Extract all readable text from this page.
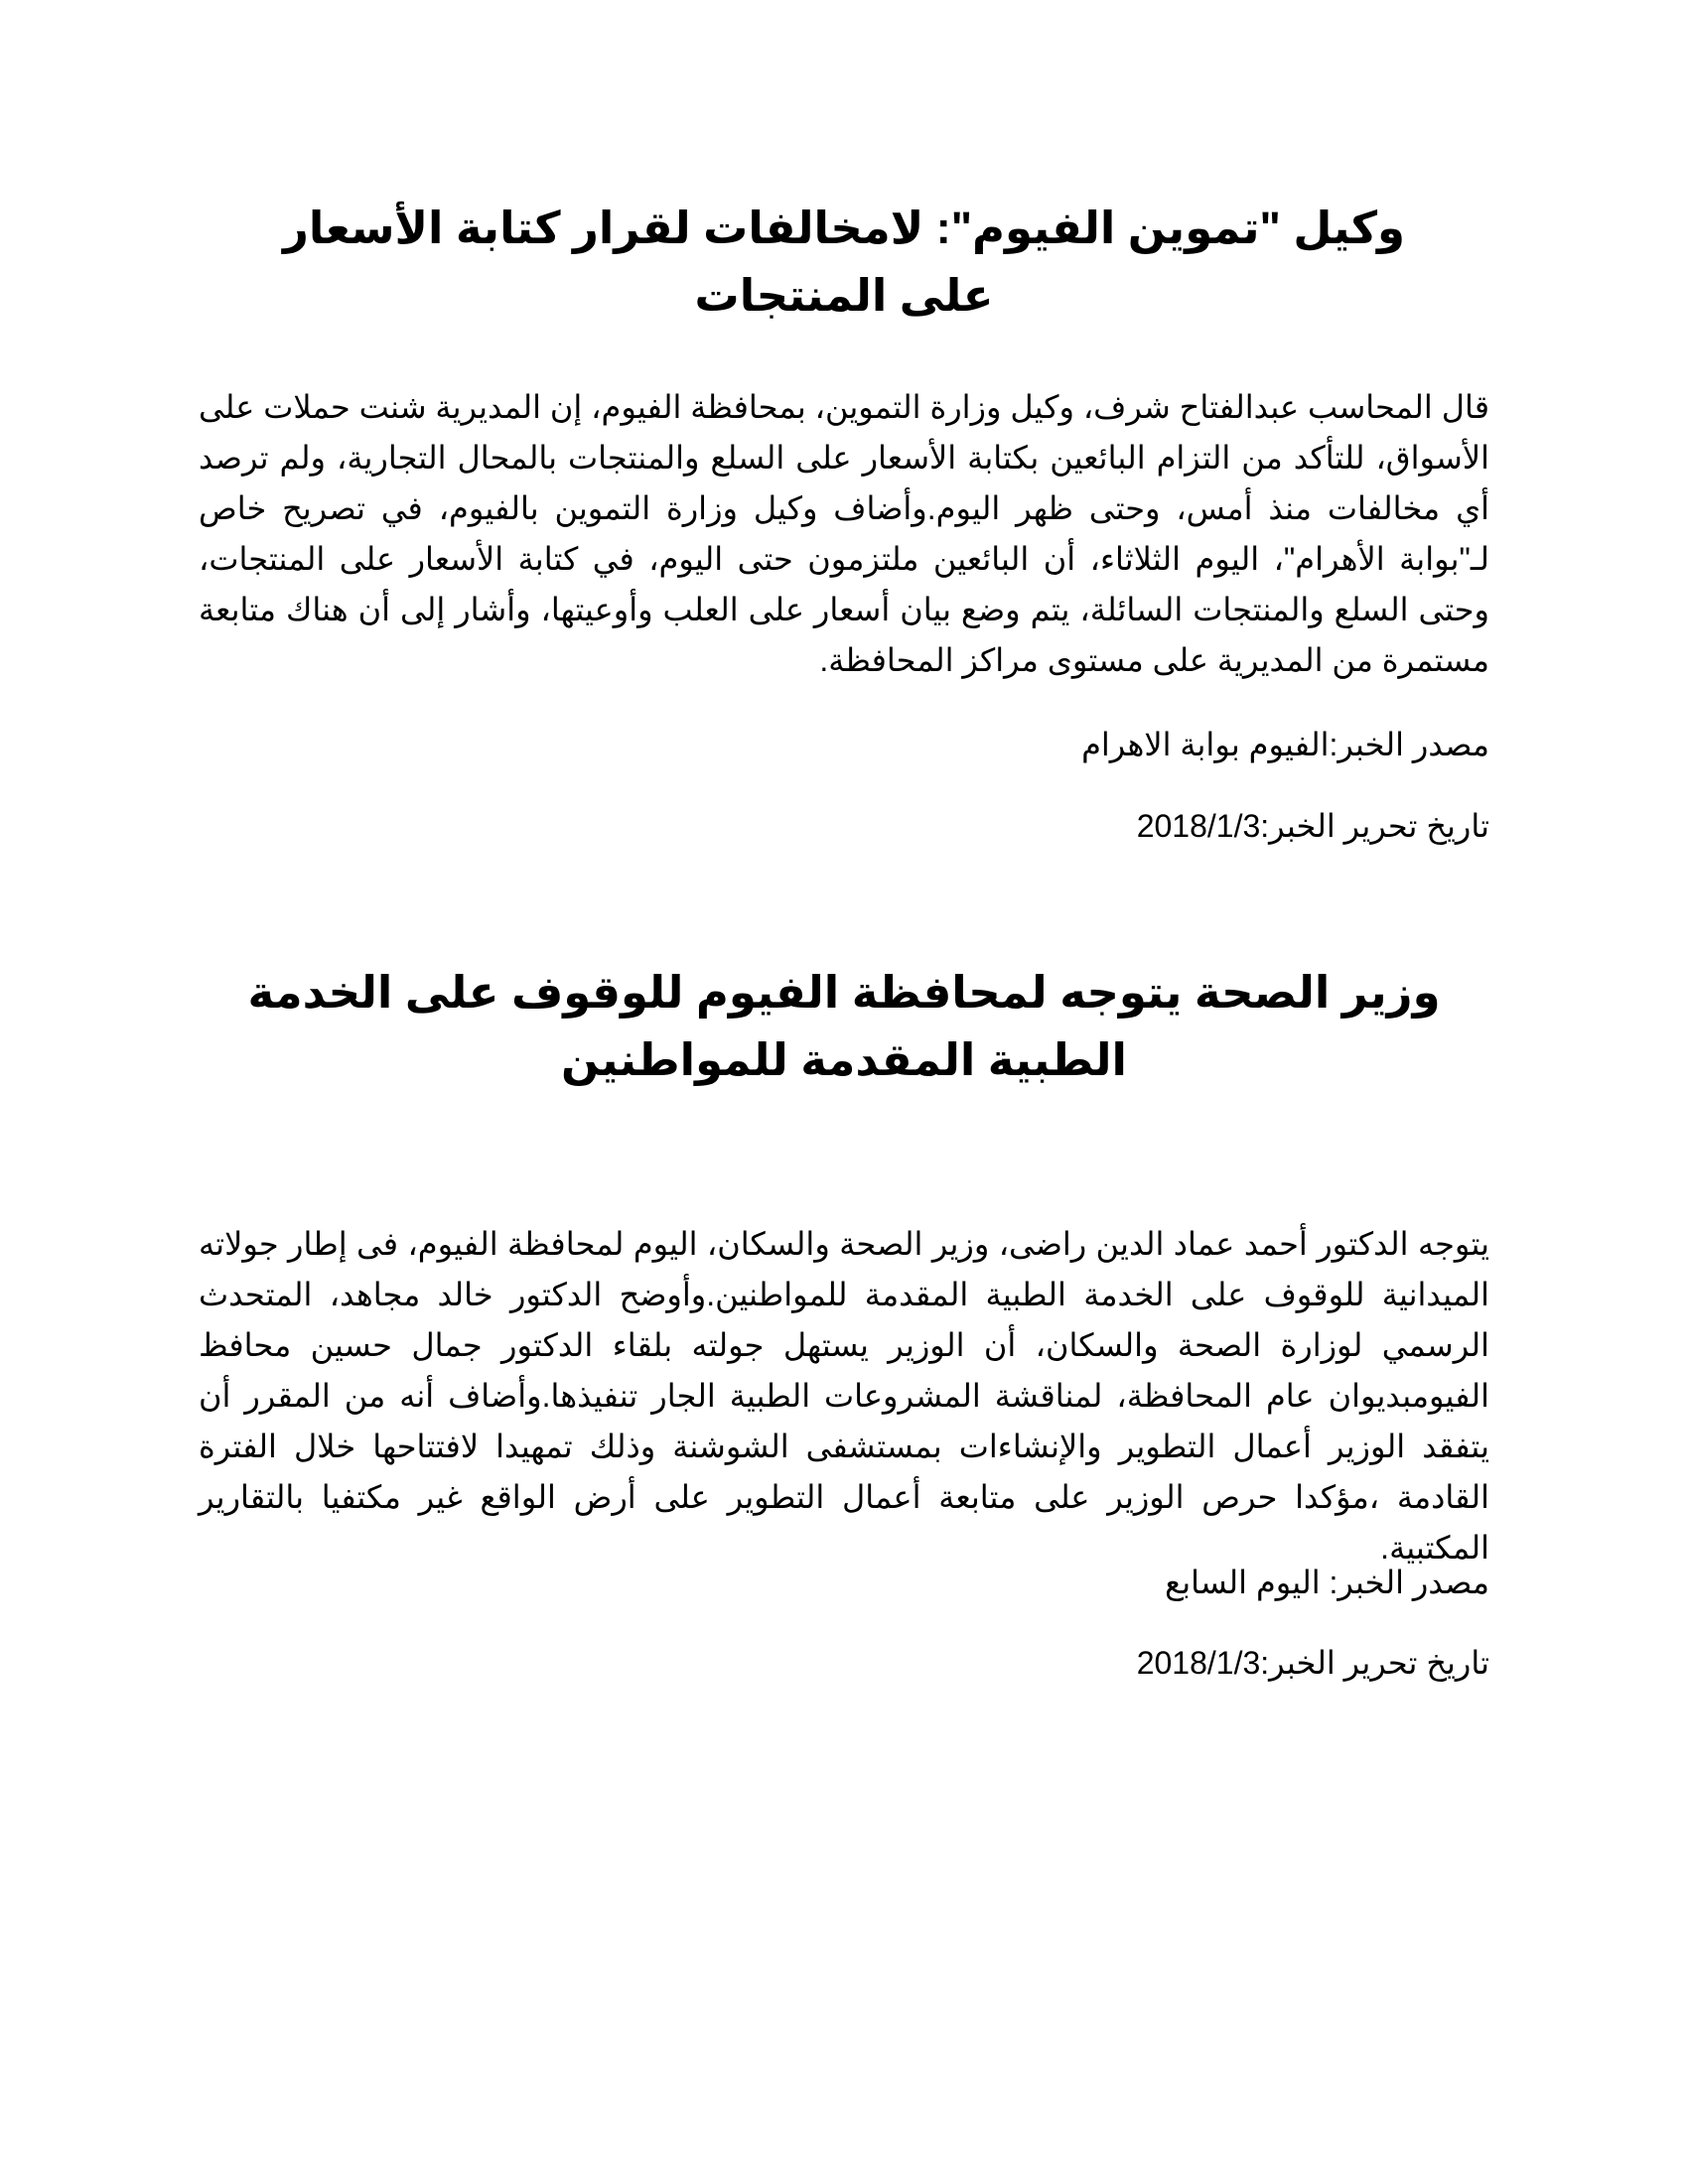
وكيل "تموين الفيوم": لامخالفات لقرار كتابة الأسعار على المنتجات

قال المحاسب عبدالفتاح شرف، وكيل وزارة التموين، بمحافظة الفيوم، إن المديرية شنت حملات على الأسواق، للتأكد من التزام البائعين بكتابة الأسعار على السلع والمنتجات بالمحال التجارية، ولم ترصد أي مخالفات منذ أمس، وحتى ظهر اليوم.وأضاف وكيل وزارة التموين بالفيوم، في تصريح خاص لـ"بوابة الأهرام"، اليوم الثلاثاء، أن البائعين ملتزمون حتى اليوم، في كتابة الأسعار على المنتجات، وحتى السلع والمنتجات السائلة، يتم وضع بيان أسعار على العلب وأوعيتها، وأشار إلى أن هناك متابعة مستمرة من المديرية على مستوى مراكز المحافظة.

مصدر الخبر:الفيوم بوابة الاهرام

تاريخ تحرير الخبر:2018/1/3

وزير الصحة يتوجه لمحافظة الفيوم للوقوف على الخدمة الطبية المقدمة للمواطنين

يتوجه الدكتور أحمد عماد الدين راضى، وزير الصحة والسكان، اليوم لمحافظة الفيوم، فى إطار جولاته الميدانية للوقوف على الخدمة الطبية المقدمة للمواطنين.وأوضح الدكتور خالد مجاهد، المتحدث الرسمي لوزارة الصحة والسكان، أن الوزير يستهل جولته بلقاء الدكتور جمال حسين محافظ الفيومبديوان عام المحافظة، لمناقشة المشروعات الطبية الجار تنفيذها.وأضاف أنه من المقرر أن يتفقد الوزير أعمال التطوير والإنشاءات بمستشفى الشوشنة وذلك تمهيدا لافتتاحها خلال الفترة القادمة ،مؤكدا حرص الوزير على متابعة أعمال التطوير على أرض الواقع غير مكتفيا بالتقارير المكتبية.

مصدر الخبر: اليوم السابع

تاريخ تحرير الخبر:2018/1/3
